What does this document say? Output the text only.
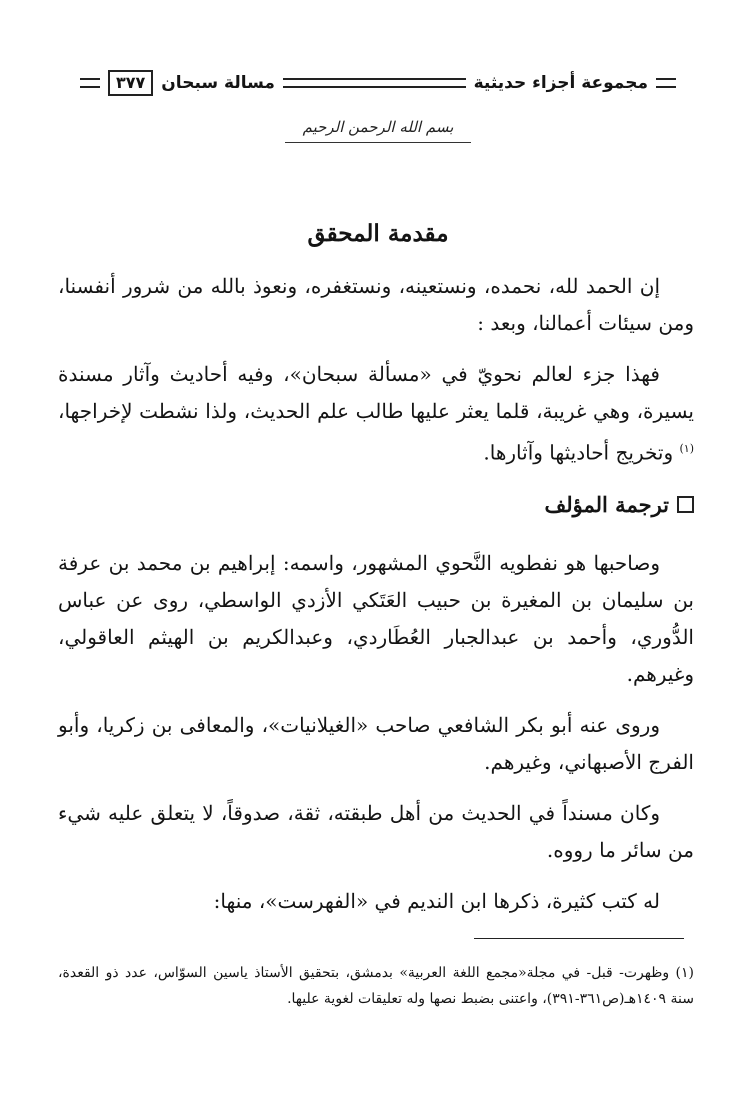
مجموعة أجزاء حديثية
مسالة سبحان
٣٧٧
بسم الله الرحمن الرحيم
مقدمة المحقق

إن الحمد لله، نحمده، ونستعينه، ونستغفره، ونعوذ بالله من شرور أنفسنا، ومن سيئات أعمالنا، وبعد :

فهذا جزء لعالم نحويّ في «مسألة سبحان»، وفيه أحاديث وآثار مسندة يسيرة، وهي غريبة، قلما يعثر عليها طالب علم الحديث، ولذا نشطت لإخراجها،$^{(١)}$ وتخريج أحاديثها وآثارها.

ترجمة المؤلف

وصاحبها هو نفطويه النَّحوي المشهور، واسمه: إبراهيم بن محمد بن عرفة بن سليمان بن المغيرة بن حبيب العَتَكي الأزدي الواسطي، روى عن عباس الدُّوري، وأحمد بن عبدالجبار العُطَاردي، وعبدالكريم بن الهيثم العاقولي، وغيرهم.

وروى عنه أبو بكر الشافعي صاحب «الغيلانيات»، والمعافى بن زكريا، وأبو الفرج الأصبهاني، وغيرهم.

وكان مسنداً في الحديث من أهل طبقته، ثقة، صدوقاً، لا يتعلق عليه شيء من سائر ما رووه.

له كتب كثيرة، ذكرها ابن النديم في «الفهرست»، منها:

(١) وظهرت- قبل- في مجلة«مجمع اللغة العربية» بدمشق، بتحقيق الأستاذ ياسين السوّاس، عدد ذو القعدة، سنة ١٤٠٩هـ(ص٣٦١-٣٩١)، واعتنى بضبط نصها وله تعليقات لغوية عليها.
